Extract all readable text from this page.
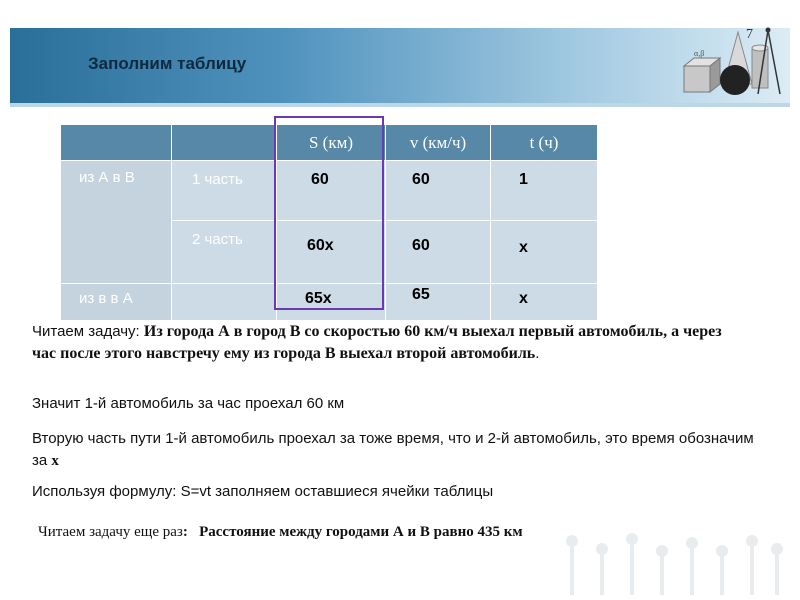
Заполним таблицу
α,β
7
		S (км)	v (км/ч)	t (ч)
из А в В	1 часть	60	60	1

	2 часть	60x	60	x

из в в А		65x	65	x
Читаем задачу: Из города А в город В со скоростью 60 км/ч выехал первый автомобиль, а через час после этого навстречу ему из города В выехал второй автомобиль.
Значит 1-й автомобиль за час проехал 60 км
Вторую часть пути 1-й автомобиль проехал за тоже время, что и 2-й автомобиль, это время обозначим за х
Используя формулу: S=vt заполняем оставшиеся ячейки таблицы
Читаем задачу еще раз: Расстояние между городами А и В равно 435 км
